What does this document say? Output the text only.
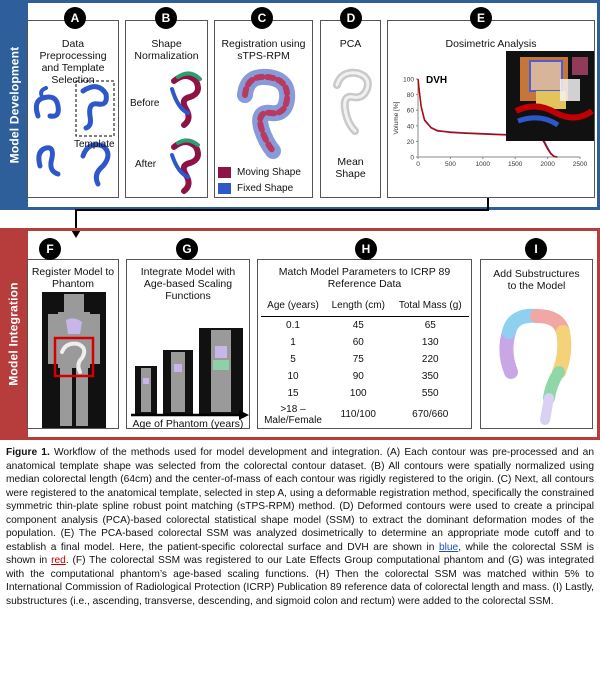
Model Development
Data Preprocessing and Template Selection
Template
A
Shape Normalization
Before
After
B
Registration using sTPS-RPM
Moving Shape
Fixed Shape
C
PCA
Mean Shape
D
Dosimetric Analysis
DVH
0
20
40
60
80
100
0	500	1000	1500	2000	2500
Volume [%]
E
Model Integration
Register Model to Phantom
F
Integrate Model with Age-based Scaling Functions
Age of Phantom (years)
G
Match Model Parameters to ICRP 89 Reference Data
Age (years)	Length (cm)	Total Mass (g)
0.1	45	65
1	60	130
5	75	220
10	90	350
15	100	550
>18 – Male/Female	110/100	670/660
H
Add Substructures to the Model
I
Figure 1. Workflow of the methods used for model development and integration. (A) Each contour was pre-processed and an anatomical template shape was selected from the colorectal contour dataset. (B) All contours were spatially normalized using median colorectal length (64cm) and the center-of-mass of each contour was rigidly registered to the origin. (C) Next, all contours were registered to the anatomical template, selected in step A, using a deformable registration method, specifically the constrained symmetric thin-plate spline robust point matching (sTPS-RPM) method. (D) Deformed contours were used to create a principal component analysis (PCA)-based colorectal statistical shape model (SSM) to extract the dominant deformation modes of the population. (E) The PCA-based colorectal SSM was analyzed dosimetrically to determine an appropriate mode cutoff and to establish a final model. Here, the patient-specific colorectal surface and DVH are shown in blue, while the colorectal SSM is shown in red. (F) The colorectal SSM was registered to our Late Effects Group computational phantom and (G) was integrated with the computational phantom’s age-based scaling functions. (H) Then the colorectal SSM was matched within 5% to International Commission of Radiological Protection (ICRP) Publication 89 reference data of colorectal length and mass. (I) Lastly, substructures (i.e., ascending, transverse, descending, and sigmoid colon and rectum) were added to the colorectal SSM.
